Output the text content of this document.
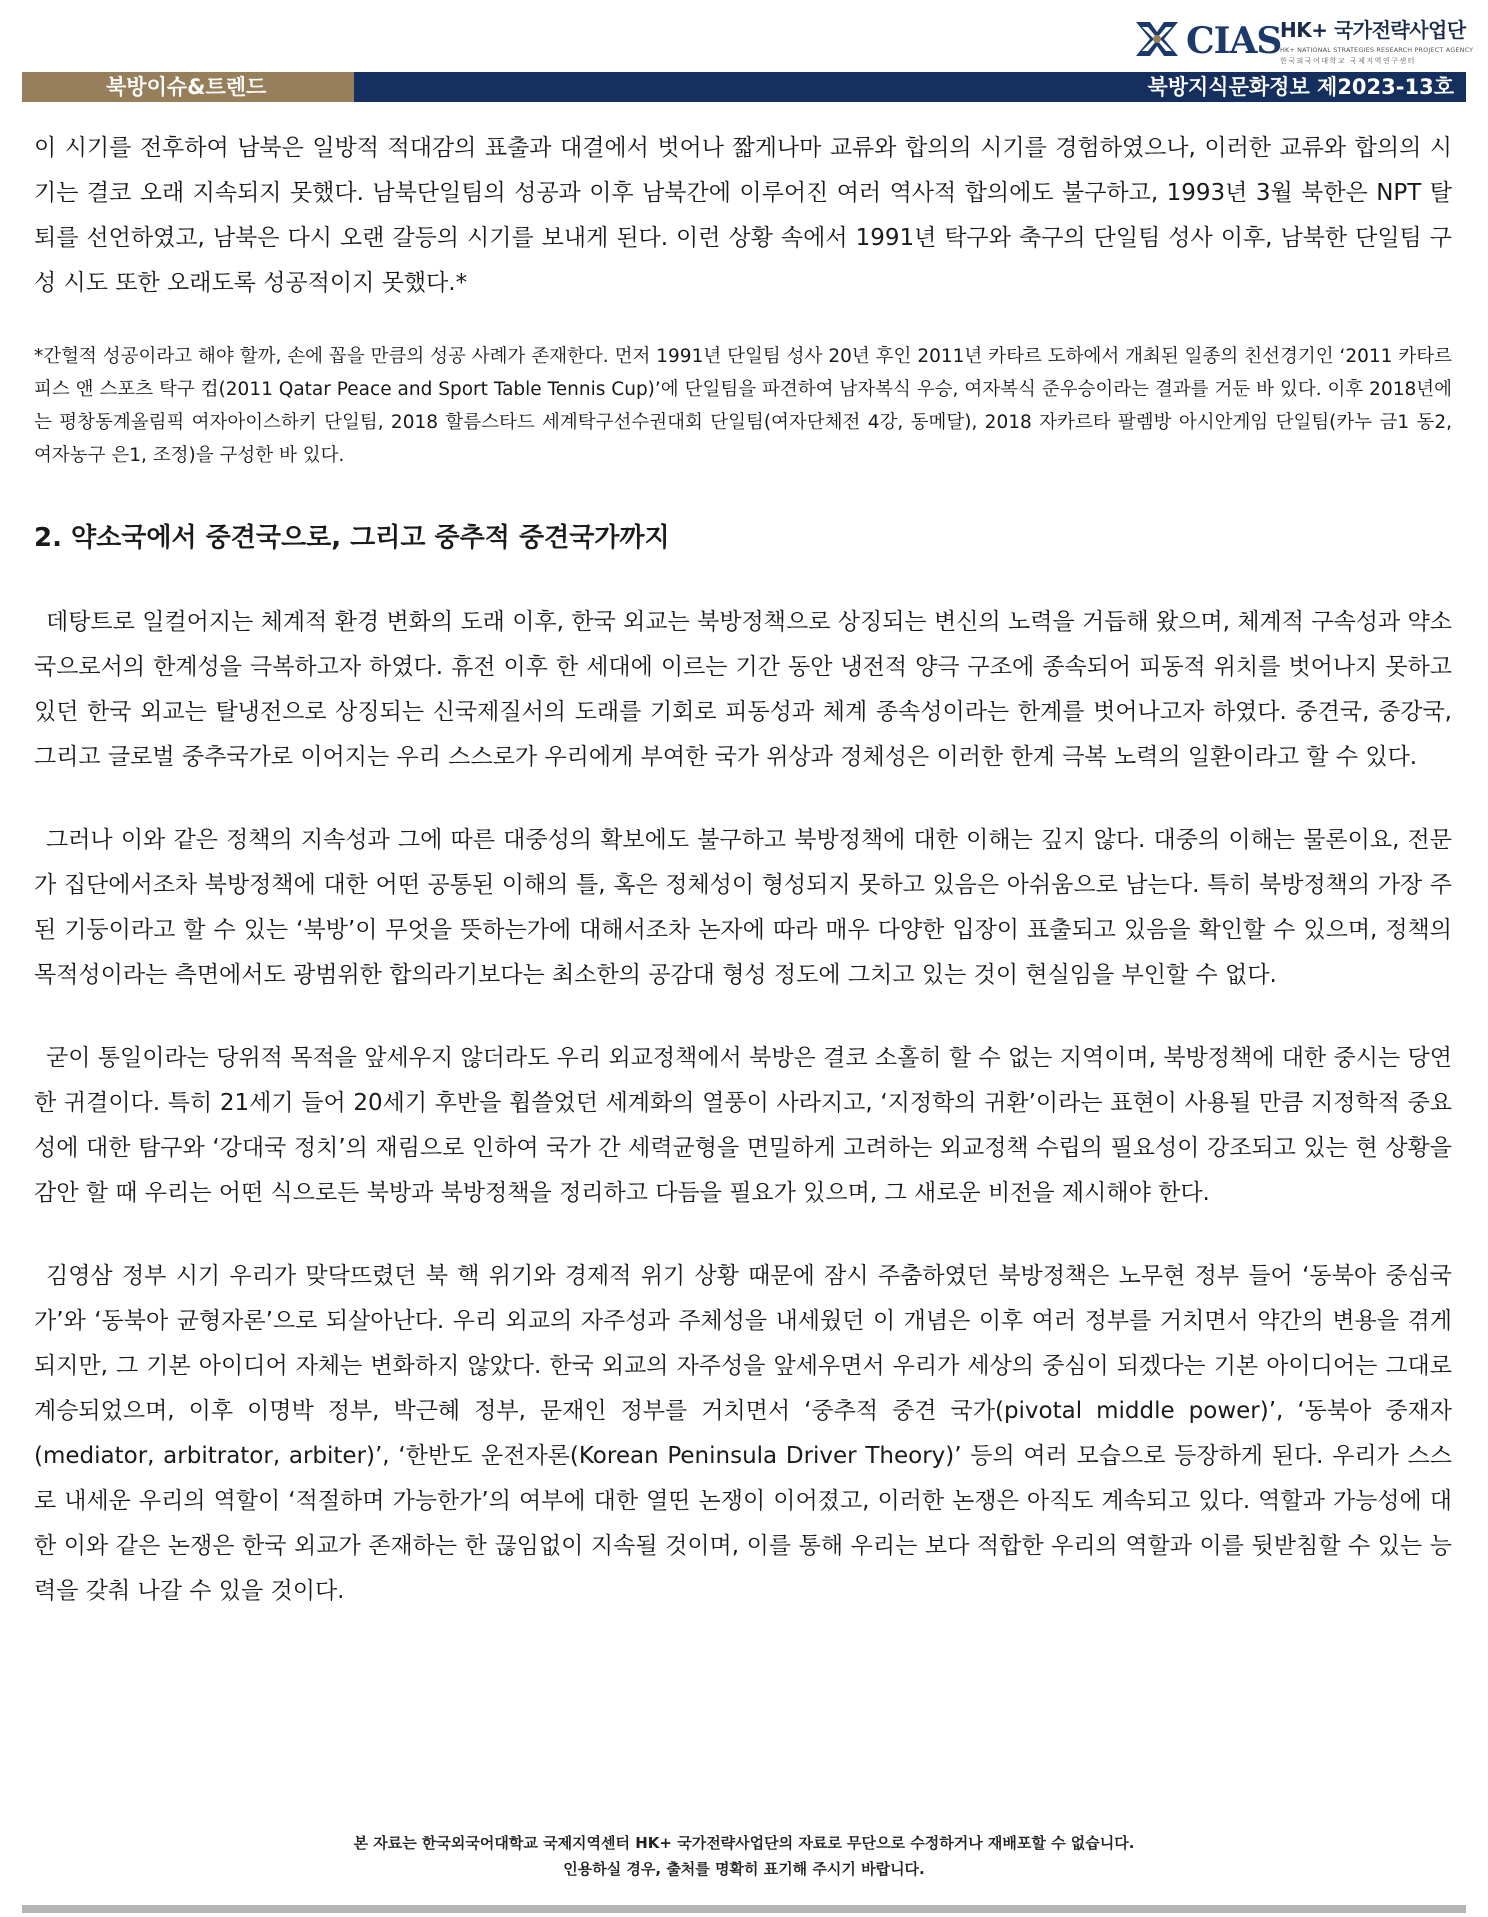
CIAS
HK+ 국가전략사업단
HK+ NATIONAL STRATEGIES RESEARCH PROJECT AGENCY
한국외국어대학교 국제지역연구센터
북방이슈&트렌드	북방지식문화정보 제2023-13호

이 시기를 전후하여 남북은 일방적 적대감의 표출과 대결에서 벗어나 짧게나마 교류와 합의의 시기를 경험하였으나, 이러한 교류와 합의의 시기는 결코 오래 지속되지 못했다. 남북단일팀의 성공과 이후 남북간에 이루어진 여러 역사적 합의에도 불구하고, 1993년 3월 북한은 NPT 탈퇴를 선언하였고, 남북은 다시 오랜 갈등의 시기를 보내게 된다. 이런 상황 속에서 1991년 탁구와 축구의 단일팀 성사 이후, 남북한 단일팀 구성 시도 또한 오래도록 성공적이지 못했다.*

*간헐적 성공이라고 해야 할까, 손에 꼽을 만큼의 성공 사례가 존재한다. 먼저 1991년 단일팀 성사 20년 후인 2011년 카타르 도하에서 개최된 일종의 친선경기인 ‘2011 카타르 피스 앤 스포츠 탁구 컵(2011 Qatar Peace and Sport Table Tennis Cup)’에 단일팀을 파견하여 남자복식 우승, 여자복식 준우승이라는 결과를 거둔 바 있다. 이후 2018년에는 평창동계올림픽 여자아이스하키 단일팀, 2018 할름스타드 세계탁구선수권대회 단일팀(여자단체전 4강, 동메달), 2018 자카르타 팔렘방 아시안게임 단일팀(카누 금1 동2, 여자농구 은1, 조정)을 구성한 바 있다.

2. 약소국에서 중견국으로, 그리고 중추적 중견국가까지

데탕트로 일컬어지는 체계적 환경 변화의 도래 이후, 한국 외교는 북방정책으로 상징되는 변신의 노력을 거듭해 왔으며, 체계적 구속성과 약소국으로서의 한계성을 극복하고자 하였다. 휴전 이후 한 세대에 이르는 기간 동안 냉전적 양극 구조에 종속되어 피동적 위치를 벗어나지 못하고 있던 한국 외교는 탈냉전으로 상징되는 신국제질서의 도래를 기회로 피동성과 체계 종속성이라는 한계를 벗어나고자 하였다. 중견국, 중강국, 그리고 글로벌 중추국가로 이어지는 우리 스스로가 우리에게 부여한 국가 위상과 정체성은 이러한 한계 극복 노력의 일환이라고 할 수 있다.

그러나 이와 같은 정책의 지속성과 그에 따른 대중성의 확보에도 불구하고 북방정책에 대한 이해는 깊지 않다. 대중의 이해는 물론이요, 전문가 집단에서조차 북방정책에 대한 어떤 공통된 이해의 틀, 혹은 정체성이 형성되지 못하고 있음은 아쉬움으로 남는다. 특히 북방정책의 가장 주된 기둥이라고 할 수 있는 ‘북방’이 무엇을 뜻하는가에 대해서조차 논자에 따라 매우 다양한 입장이 표출되고 있음을 확인할 수 있으며, 정책의 목적성이라는 측면에서도 광범위한 합의라기보다는 최소한의 공감대 형성 정도에 그치고 있는 것이 현실임을 부인할 수 없다.

굳이 통일이라는 당위적 목적을 앞세우지 않더라도 우리 외교정책에서 북방은 결코 소홀히 할 수 없는 지역이며, 북방정책에 대한 중시는 당연한 귀결이다. 특히 21세기 들어 20세기 후반을 휩쓸었던 세계화의 열풍이 사라지고, ‘지정학의 귀환’이라는 표현이 사용될 만큼 지정학적 중요성에 대한 탐구와 ‘강대국 정치’의 재림으로 인하여 국가 간 세력균형을 면밀하게 고려하는 외교정책 수립의 필요성이 강조되고 있는 현 상황을 감안 할 때 우리는 어떤 식으로든 북방과 북방정책을 정리하고 다듬을 필요가 있으며, 그 새로운 비전을 제시해야 한다.

김영삼 정부 시기 우리가 맞닥뜨렸던 북 핵 위기와 경제적 위기 상황 때문에 잠시 주춤하였던 북방정책은 노무현 정부 들어 ‘동북아 중심국가’와 ‘동북아 균형자론’으로 되살아난다. 우리 외교의 자주성과 주체성을 내세웠던 이 개념은 이후 여러 정부를 거치면서 약간의 변용을 겪게 되지만, 그 기본 아이디어 자체는 변화하지 않았다. 한국 외교의 자주성을 앞세우면서 우리가 세상의 중심이 되겠다는 기본 아이디어는 그대로 계승되었으며, 이후 이명박 정부, 박근혜 정부, 문재인 정부를 거치면서 ‘중추적 중견 국가(pivotal middle power)’, ‘동북아 중재자(mediator, arbitrator, arbiter)’, ‘한반도 운전자론(Korean Peninsula Driver Theory)’ 등의 여러 모습으로 등장하게 된다. 우리가 스스로 내세운 우리의 역할이 ‘적절하며 가능한가’의 여부에 대한 열띤 논쟁이 이어졌고, 이러한 논쟁은 아직도 계속되고 있다. 역할과 가능성에 대한 이와 같은 논쟁은 한국 외교가 존재하는 한 끊임없이 지속될 것이며, 이를 통해 우리는 보다 적합한 우리의 역할과 이를 뒷받침할 수 있는 능력을 갖춰 나갈 수 있을 것이다.

본 자료는 한국외국어대학교 국제지역센터 HK+ 국가전략사업단의 자료로 무단으로 수정하거나 재배포할 수 없습니다.
인용하실 경우, 출처를 명확히 표기해 주시기 바랍니다.
